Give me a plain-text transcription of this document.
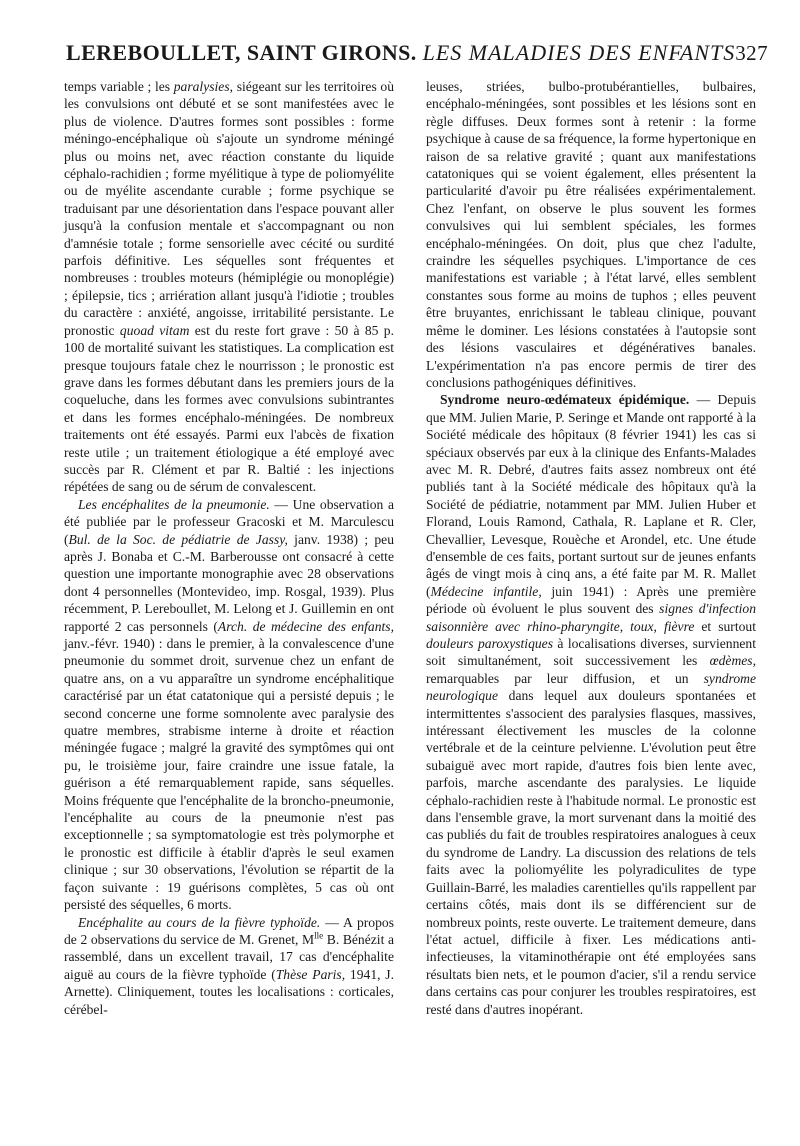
LEREBOULLET, SAINT GIRONS. LES MALADIES DES ENFANTS 327

temps variable ; les paralysies, siégeant sur les territoires où les convulsions ont débuté et se sont manifestées avec le plus de violence. D'autres formes sont possibles : forme méningo-encéphalique où s'ajoute un syndrome méningé plus ou moins net, avec réaction constante du liquide céphalo-rachidien ; forme myélitique à type de poliomyélite ou de myélite ascendante curable ; forme psychique se traduisant par une désorientation dans l'espace pouvant aller jusqu'à la confusion mentale et s'accompagnant ou non d'amnésie totale ; forme sensorielle avec cécité ou surdité parfois définitive. Les séquelles sont fréquentes et nombreuses : troubles moteurs (hémiplégie ou monoplégie) ; épilepsie, tics ; arriération allant jusqu'à l'idiotie ; troubles du caractère : anxiété, angoisse, irritabilité persistante. Le pronostic quoad vitam est du reste fort grave : 50 à 85 p. 100 de mortalité suivant les statistiques. La complication est presque toujours fatale chez le nourrisson ; le pronostic est grave dans les formes débutant dans les premiers jours de la coqueluche, dans les formes avec convulsions subintrantes et dans les formes encéphalo-méningées. De nombreux traitements ont été essayés. Parmi eux l'abcès de fixation reste utile ; un traitement étiologique a été employé avec succès par R. Clément et par R. Baltié : les injections répétées de sang ou de sérum de convalescent.

Les encéphalites de la pneumonie. — Une observation a été publiée par le professeur Gracoski et M. Marculescu (Bul. de la Soc. de pédiatrie de Jassy, janv. 1938) ; peu après J. Bonaba et C.-M. Barberousse ont consacré à cette question une importante monographie avec 28 observations dont 4 personnelles (Montevideo, imp. Rosgal, 1939). Plus récemment, P. Lereboullet, M. Lelong et J. Guillemin en ont rapporté 2 cas personnels (Arch. de médecine des enfants, janv.-févr. 1940) : dans le premier, à la convalescence d'une pneumonie du sommet droit, survenue chez un enfant de quatre ans, on a vu apparaître un syndrome encéphalitique caractérisé par un état catatonique qui a persisté depuis ; le second concerne une forme somnolente avec paralysie des quatre membres, strabisme interne à droite et réaction méningée fugace ; malgré la gravité des symptômes qui ont pu, le troisième jour, faire craindre une issue fatale, la guérison a été remarquablement rapide, sans séquelles. Moins fréquente que l'encéphalite de la broncho-pneumonie, l'encéphalite au cours de la pneumonie n'est pas exceptionnelle ; sa symptomatologie est très polymorphe et le pronostic est difficile à établir d'après le seul examen clinique ; sur 30 observations, l'évolution se répartit de la façon suivante : 19 guérisons complètes, 5 cas où ont persisté des séquelles, 6 morts.

Encéphalite au cours de la fièvre typhoïde. — A propos de 2 observations du service de M. Grenet, $M^{lle}$ B. Bénézit a rassemblé, dans un excellent travail, 17 cas d'encéphalite aiguë au cours de la fièvre typhoïde (Thèse Paris, 1941, J. Arnette). Cliniquement, toutes les localisations : corticales, cérébel-

leuses, striées, bulbo-protubérantielles, bulbaires, encéphalo-méningées, sont possibles et les lésions sont en règle diffuses. Deux formes sont à retenir : la forme psychique à cause de sa fréquence, la forme hypertonique en raison de sa relative gravité ; quant aux manifestations catatoniques qui se voient également, elles présentent la particularité d'avoir pu être réalisées expérimentalement. Chez l'enfant, on observe le plus souvent les formes convulsives qui lui semblent spéciales, les formes encéphalo-méningées. On doit, plus que chez l'adulte, craindre les séquelles psychiques. L'importance de ces manifestations est variable ; à l'état larvé, elles semblent constantes sous forme au moins de tuphos ; elles peuvent être bruyantes, enrichissant le tableau clinique, pouvant même le dominer. Les lésions constatées à l'autopsie sont des lésions vasculaires et dégénératives banales. L'expérimentation n'a pas encore permis de tirer des conclusions pathogéniques définitives.

Syndrome neuro-œdémateux épidémique. — Depuis que MM. Julien Marie, P. Seringe et Mande ont rapporté à la Société médicale des hôpitaux (8 février 1941) les cas si spéciaux observés par eux à la clinique des Enfants-Malades avec M. R. Debré, d'autres faits assez nombreux ont été publiés tant à la Société médicale des hôpitaux qu'à la Société de pédiatrie, notamment par MM. Julien Huber et Florand, Louis Ramond, Cathala, R. Laplane et R. Cler, Chevallier, Levesque, Rouèche et Arondel, etc. Une étude d'ensemble de ces faits, portant surtout sur de jeunes enfants âgés de vingt mois à cinq ans, a été faite par M. R. Mallet (Médecine infantile, juin 1941) : Après une première période où évoluent le plus souvent des signes d'infection saisonnière avec rhino-pharyngite, toux, fièvre et surtout douleurs paroxystiques à localisations diverses, surviennent soit simultanément, soit successivement les œdèmes, remarquables par leur diffusion, et un syndrome neurologique dans lequel aux douleurs spontanées et intermittentes s'associent des paralysies flasques, massives, intéressant électivement les muscles de la colonne vertébrale et de la ceinture pelvienne. L'évolution peut être subaiguë avec mort rapide, d'autres fois bien lente avec, parfois, marche ascendante des paralysies. Le liquide céphalo-rachidien reste à l'habitude normal. Le pronostic est dans l'ensemble grave, la mort survenant dans la moitié des cas publiés du fait de troubles respiratoires analogues à ceux du syndrome de Landry. La discussion des relations de tels faits avec la poliomyélite les polyradiculites de type Guillain-Barré, les maladies carentielles qu'ils rappellent par certains côtés, mais dont ils se différencient sur de nombreux points, reste ouverte. Le traitement demeure, dans l'état actuel, difficile à fixer. Les médications anti-infectieuses, la vitaminothérapie ont été employées sans résultats bien nets, et le poumon d'acier, s'il a rendu service dans certains cas pour conjurer les troubles respiratoires, est resté dans d'autres inopérant.
